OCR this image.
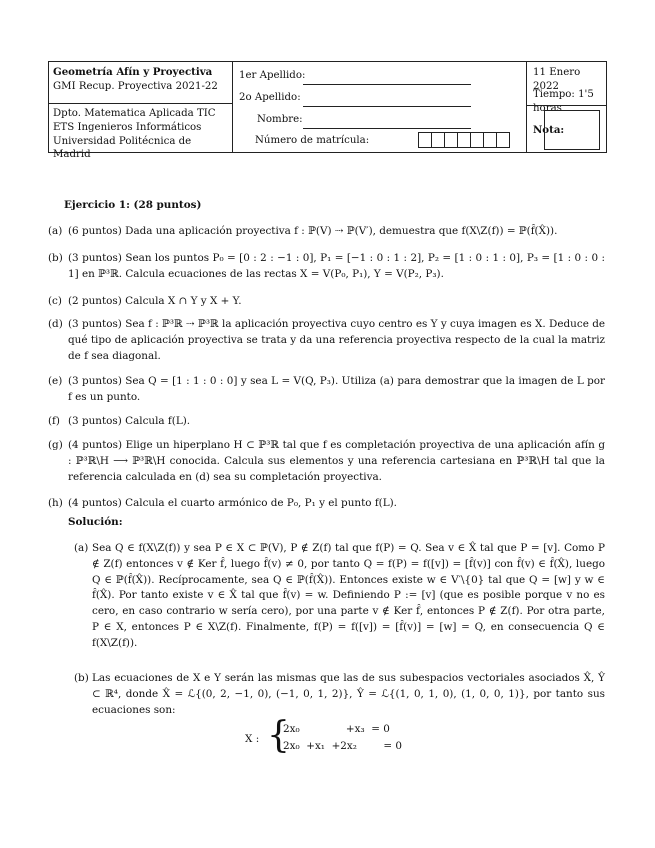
Geometría Afín y Proyectiva
GMI Recup. Proyectiva 2021-22
Dpto. Matematica Aplicada TIC
ETS Ingenieros Informáticos
Universidad Politécnica de Madrid
1er Apellido:
2o Apellido:
Nombre:
Número de matrícula:
11 Enero 2022
Tiempo: 1'5 horas
Nota:
Ejercicio 1: (28 puntos)
(a) (6 puntos) Dada una aplicación proyectiva f : ℙ(V) ⇢ ℙ(V′), demuestra que f(X\Z(f)) = ℙ(f̂(X̂)).
(b) (3 puntos) Sean los puntos P₀ = [0 : 2 : −1 : 0], P₁ = [−1 : 0 : 1 : 2], P₂ = [1 : 0 : 1 : 0], P₃ = [1 : 0 : 0 : 1] en ℙ³ℝ. Calcula ecuaciones de las rectas X = V(P₀, P₁), Y = V(P₂, P₃).
(c) (2 puntos) Calcula X ∩ Y y X + Y.
(d) (3 puntos) Sea f : ℙ³ℝ ⇢ ℙ³ℝ la aplicación proyectiva cuyo centro es Y y cuya imagen es X. Deduce de qué tipo de aplicación proyectiva se trata y da una referencia proyectiva respecto de la cual la matriz de f sea diagonal.
(e) (3 puntos) Sea Q = [1 : 1 : 0 : 0] y sea L = V(Q, P₃). Utiliza (a) para demostrar que la imagen de L por f es un punto.
(f) (3 puntos) Calcula f(L).
(g) (4 puntos) Elige un hiperplano H ⊂ ℙ³ℝ tal que f es completación proyectiva de una aplicación afín g : ℙ³ℝ\H ⟶ ℙ³ℝ\H conocida. Calcula sus elementos y una referencia cartesiana en ℙ³ℝ\H tal que la referencia calculada en (d) sea su completación proyectiva.
(h) (4 puntos) Calcula el cuarto armónico de P₀, P₁ y el punto f(L).
Solución:
(a) Sea Q ∈ f(X\Z(f)) y sea P ∈ X ⊂ ℙ(V), P ∉ Z(f) tal que f(P) = Q. Sea v ∈ X̂ tal que P = [v]. Como P ∉ Z(f) entonces v ∉ Ker f̂, luego f̂(v) ≠ 0, por tanto Q = f(P) = f([v]) = [f̂(v)] con f̂(v) ∈ f̂(X̂), luego Q ∈ ℙ(f̂(X̂)). Recíprocamente, sea Q ∈ ℙ(f̂(X̂)). Entonces existe w ∈ V′\{0} tal que Q = [w] y w ∈ f̂(X̂). Por tanto existe v ∈ X̂ tal que f̂(v) = w. Definiendo P := [v] (que es posible porque v no es cero, en caso contrario w sería cero), por una parte v ∉ Ker f̂, entonces P ∉ Z(f). Por otra parte, P ∈ X, entonces P ∈ X\Z(f). Finalmente, f(P) = f([v]) = [f̂(v)] = [w] = Q, en consecuencia Q ∈ f(X\Z(f)).
(b) Las ecuaciones de X e Y serán las mismas que las de sus subespacios vectoriales asociados X̂, Ŷ ⊂ ℝ⁴, donde X̂ = ℒ{(0, 2, −1, 0), (−1, 0, 1, 2)}, Ŷ = ℒ{(1, 0, 1, 0), (1, 0, 0, 1)}, por tanto sus ecuaciones son:
X : {
2x₀              +x₃  = 0
2x₀  +x₁  +2x₂        = 0
